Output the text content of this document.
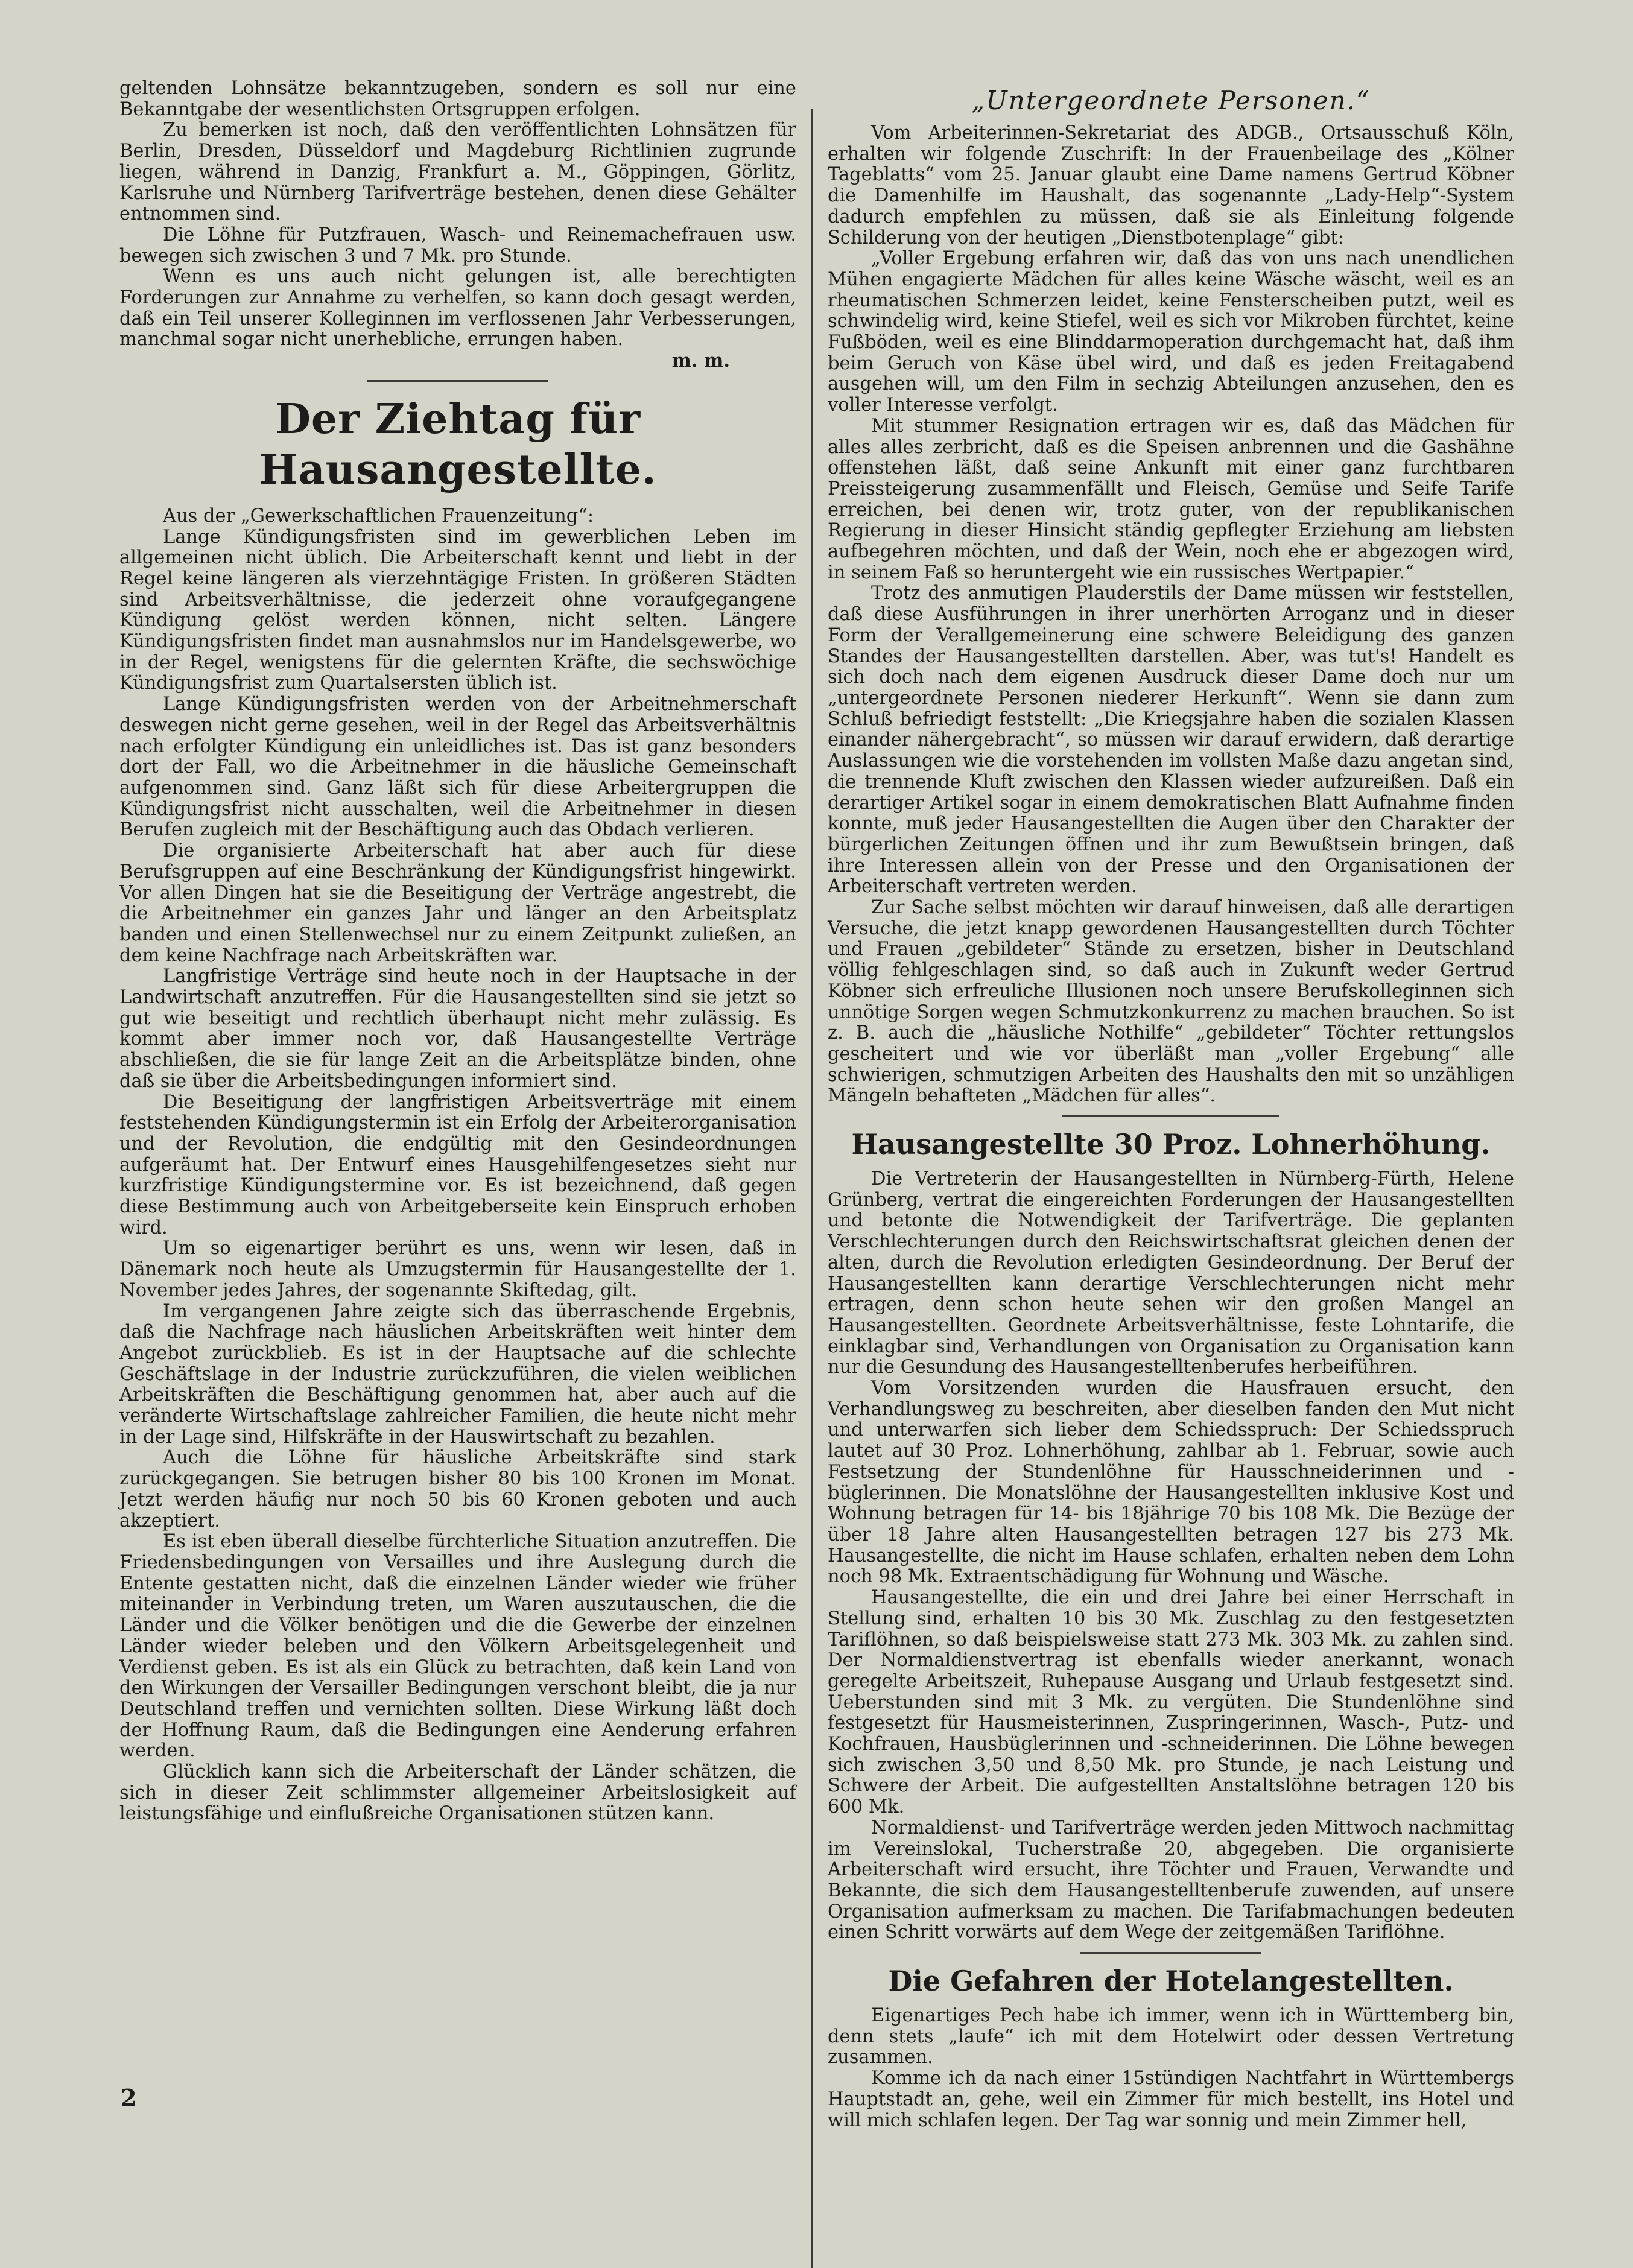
geltenden Lohnsätze bekanntzugeben, sondern es soll nur eine Bekanntgabe der wesentlichsten Ortsgruppen erfolgen.

Zu bemerken ist noch, daß den veröffentlichten Lohnsätzen für Berlin, Dresden, Düsseldorf und Magdeburg Richtlinien zugrunde liegen, während in Danzig, Frankfurt a. M., Göppingen, Görlitz, Karlsruhe und Nürnberg Tarifverträge bestehen, denen diese Gehälter entnommen sind.

Die Löhne für Putzfrauen, Wasch- und Reinemachefrauen usw. bewegen sich zwischen 3 und 7 Mk. pro Stunde.

Wenn es uns auch nicht gelungen ist, alle berechtigten Forderungen zur Annahme zu verhelfen, so kann doch gesagt werden, daß ein Teil unserer Kolleginnen im verflossenen Jahr Verbesserungen, manchmal sogar nicht unerhebliche, errungen haben.

m. m.

Der Ziehtag für Hausangestellte.

Aus der „Gewerkschaftlichen Frauenzeitung“:

Lange Kündigungsfristen sind im gewerblichen Leben im allgemeinen nicht üblich. Die Arbeiterschaft kennt und liebt in der Regel keine längeren als vierzehntägige Fristen. In größeren Städten sind Arbeitsverhältnisse, die jederzeit ohne voraufgegangene Kündigung gelöst werden können, nicht selten. Längere Kündigungsfristen findet man ausnahmslos nur im Handelsgewerbe, wo in der Regel, wenigstens für die gelernten Kräfte, die sechswöchige Kündigungsfrist zum Quartalsersten üblich ist.

Lange Kündigungsfristen werden von der Arbeitnehmerschaft deswegen nicht gerne gesehen, weil in der Regel das Arbeitsverhältnis nach erfolgter Kündigung ein unleidliches ist. Das ist ganz besonders dort der Fall, wo die Arbeitnehmer in die häusliche Gemeinschaft aufgenommen sind. Ganz läßt sich für diese Arbeitergruppen die Kündigungsfrist nicht ausschalten, weil die Arbeitnehmer in diesen Berufen zugleich mit der Beschäftigung auch das Obdach verlieren.

Die organisierte Arbeiterschaft hat aber auch für diese Berufsgruppen auf eine Beschränkung der Kündigungsfrist hingewirkt. Vor allen Dingen hat sie die Beseitigung der Verträge angestrebt, die die Arbeitnehmer ein ganzes Jahr und länger an den Arbeitsplatz banden und einen Stellenwechsel nur zu einem Zeitpunkt zuließen, an dem keine Nachfrage nach Arbeitskräften war.

Langfristige Verträge sind heute noch in der Hauptsache in der Landwirtschaft anzutreffen. Für die Hausangestellten sind sie jetzt so gut wie beseitigt und rechtlich überhaupt nicht mehr zulässig. Es kommt aber immer noch vor, daß Hausangestellte Verträge abschließen, die sie für lange Zeit an die Arbeitsplätze binden, ohne daß sie über die Arbeitsbedingungen informiert sind.

Die Beseitigung der langfristigen Arbeitsverträge mit einem feststehenden Kündigungstermin ist ein Erfolg der Arbeiterorganisation und der Revolution, die endgültig mit den Gesindeordnungen aufgeräumt hat. Der Entwurf eines Hausgehilfengesetzes sieht nur kurzfristige Kündigungstermine vor. Es ist bezeichnend, daß gegen diese Bestimmung auch von Arbeitgeberseite kein Einspruch erhoben wird.

Um so eigenartiger berührt es uns, wenn wir lesen, daß in Dänemark noch heute als Umzugstermin für Hausangestellte der 1. November jedes Jahres, der sogenannte Skiftedag, gilt.

Im vergangenen Jahre zeigte sich das überraschende Ergebnis, daß die Nachfrage nach häuslichen Arbeitskräften weit hinter dem Angebot zurückblieb. Es ist in der Hauptsache auf die schlechte Geschäftslage in der Industrie zurückzuführen, die vielen weiblichen Arbeitskräften die Beschäftigung genommen hat, aber auch auf die veränderte Wirtschaftslage zahlreicher Familien, die heute nicht mehr in der Lage sind, Hilfskräfte in der Hauswirtschaft zu bezahlen.

Auch die Löhne für häusliche Arbeitskräfte sind stark zurückgegangen. Sie betrugen bisher 80 bis 100 Kronen im Monat. Jetzt werden häufig nur noch 50 bis 60 Kronen geboten und auch akzeptiert.

Es ist eben überall dieselbe fürchterliche Situation anzutreffen. Die Friedensbedingungen von Versailles und ihre Auslegung durch die Entente gestatten nicht, daß die einzelnen Länder wieder wie früher miteinander in Verbindung treten, um Waren auszutauschen, die die Länder und die Völker benötigen und die die Gewerbe der einzelnen Länder wieder beleben und den Völkern Arbeitsgelegenheit und Verdienst geben. Es ist als ein Glück zu betrachten, daß kein Land von den Wirkungen der Versailler Bedingungen verschont bleibt, die ja nur Deutschland treffen und vernichten sollten. Diese Wirkung läßt doch der Hoffnung Raum, daß die Bedingungen eine Aenderung erfahren werden.

Glücklich kann sich die Arbeiterschaft der Länder schätzen, die sich in dieser Zeit schlimmster allgemeiner Arbeitslosigkeit auf leistungsfähige und einflußreiche Organisationen stützen kann.

„Untergeordnete Personen.“

Vom Arbeiterinnen-Sekretariat des ADGB., Ortsausschuß Köln, erhalten wir folgende Zuschrift: In der Frauenbeilage des „Kölner Tageblatts“ vom 25. Januar glaubt eine Dame namens Gertrud Köbner die Damenhilfe im Haushalt, das sogenannte „Lady-Help“-System dadurch empfehlen zu müssen, daß sie als Einleitung folgende Schilderung von der heutigen „Dienstbotenplage“ gibt:

„Voller Ergebung erfahren wir, daß das von uns nach unendlichen Mühen engagierte Mädchen für alles keine Wäsche wäscht, weil es an rheumatischen Schmerzen leidet, keine Fensterscheiben putzt, weil es schwindelig wird, keine Stiefel, weil es sich vor Mikroben fürchtet, keine Fußböden, weil es eine Blinddarmoperation durchgemacht hat, daß ihm beim Geruch von Käse übel wird, und daß es jeden Freitagabend ausgehen will, um den Film in sechzig Abteilungen anzusehen, den es voller Interesse verfolgt.

Mit stummer Resignation ertragen wir es, daß das Mädchen für alles alles zerbricht, daß es die Speisen anbrennen und die Gashähne offenstehen läßt, daß seine Ankunft mit einer ganz furchtbaren Preissteigerung zusammenfällt und Fleisch, Gemüse und Seife Tarife erreichen, bei denen wir, trotz guter, von der republikanischen Regierung in dieser Hinsicht ständig gepflegter Erziehung am liebsten aufbegehren möchten, und daß der Wein, noch ehe er abgezogen wird, in seinem Faß so heruntergeht wie ein russisches Wertpapier.“

Trotz des anmutigen Plauderstils der Dame müssen wir feststellen, daß diese Ausführungen in ihrer unerhörten Arroganz und in dieser Form der Verallgemeinerung eine schwere Beleidigung des ganzen Standes der Hausangestellten darstellen. Aber, was tut's! Handelt es sich doch nach dem eigenen Ausdruck dieser Dame doch nur um „untergeordnete Personen niederer Herkunft“. Wenn sie dann zum Schluß befriedigt feststellt: „Die Kriegsjahre haben die sozialen Klassen einander nähergebracht“, so müssen wir darauf erwidern, daß derartige Auslassungen wie die vorstehenden im vollsten Maße dazu angetan sind, die trennende Kluft zwischen den Klassen wieder aufzureißen. Daß ein derartiger Artikel sogar in einem demokratischen Blatt Aufnahme finden konnte, muß jeder Hausangestellten die Augen über den Charakter der bürgerlichen Zeitungen öffnen und ihr zum Bewußtsein bringen, daß ihre Interessen allein von der Presse und den Organisationen der Arbeiterschaft vertreten werden.

Zur Sache selbst möchten wir darauf hinweisen, daß alle derartigen Versuche, die jetzt knapp gewordenen Hausangestellten durch Töchter und Frauen „gebildeter“ Stände zu ersetzen, bisher in Deutschland völlig fehlgeschlagen sind, so daß auch in Zukunft weder Gertrud Köbner sich erfreuliche Illusionen noch unsere Berufskolleginnen sich unnötige Sorgen wegen Schmutzkonkurrenz zu machen brauchen. So ist z. B. auch die „häusliche Nothilfe“ „gebildeter“ Töchter rettungslos gescheitert und wie vor überläßt man „voller Ergebung“ alle schwierigen, schmutzigen Arbeiten des Haushalts den mit so unzähligen Mängeln behafteten „Mädchen für alles“.

Hausangestellte 30 Proz. Lohnerhöhung.

Die Vertreterin der Hausangestellten in Nürnberg-Fürth, Helene Grünberg, vertrat die eingereichten Forderungen der Hausangestellten und betonte die Notwendigkeit der Tarifverträge. Die geplanten Verschlechterungen durch den Reichswirtschaftsrat gleichen denen der alten, durch die Revolution erledigten Gesindeordnung. Der Beruf der Hausangestellten kann derartige Verschlechterungen nicht mehr ertragen, denn schon heute sehen wir den großen Mangel an Hausangestellten. Geordnete Arbeitsverhältnisse, feste Lohntarife, die einklagbar sind, Verhandlungen von Organisation zu Organisation kann nur die Gesundung des Hausangestelltenberufes herbeiführen.

Vom Vorsitzenden wurden die Hausfrauen ersucht, den Verhandlungsweg zu beschreiten, aber dieselben fanden den Mut nicht und unterwarfen sich lieber dem Schiedsspruch: Der Schiedsspruch lautet auf 30 Proz. Lohnerhöhung, zahlbar ab 1. Februar, sowie auch Festsetzung der Stundenlöhne für Hausschneiderinnen und -büglerinnen. Die Monatslöhne der Hausangestellten inklusive Kost und Wohnung betragen für 14- bis 18jährige 70 bis 108 Mk. Die Bezüge der über 18 Jahre alten Hausangestellten betragen 127 bis 273 Mk. Hausangestellte, die nicht im Hause schlafen, erhalten neben dem Lohn noch 98 Mk. Extraentschädigung für Wohnung und Wäsche.

Hausangestellte, die ein und drei Jahre bei einer Herrschaft in Stellung sind, erhalten 10 bis 30 Mk. Zuschlag zu den festgesetzten Tariflöhnen, so daß beispielsweise statt 273 Mk. 303 Mk. zu zahlen sind. Der Normaldienstvertrag ist ebenfalls wieder anerkannt, wonach geregelte Arbeitszeit, Ruhepause Ausgang und Urlaub festgesetzt sind. Ueberstunden sind mit 3 Mk. zu vergüten. Die Stundenlöhne sind festgesetzt für Hausmeisterinnen, Zuspringerinnen, Wasch-, Putz- und Kochfrauen, Hausbüglerinnen und -schneiderinnen. Die Löhne bewegen sich zwischen 3,50 und 8,50 Mk. pro Stunde, je nach Leistung und Schwere der Arbeit. Die aufgestellten Anstaltslöhne betragen 120 bis 600 Mk.

Normaldienst- und Tarifverträge werden jeden Mittwoch nachmittag im Vereinslokal, Tucherstraße 20, abgegeben. Die organisierte Arbeiterschaft wird ersucht, ihre Töchter und Frauen, Verwandte und Bekannte, die sich dem Hausangestelltenberufe zuwenden, auf unsere Organisation aufmerksam zu machen. Die Tarifabmachungen bedeuten einen Schritt vorwärts auf dem Wege der zeitgemäßen Tariflöhne.

Die Gefahren der Hotelangestellten.

Eigenartiges Pech habe ich immer, wenn ich in Württemberg bin, denn stets „laufe“ ich mit dem Hotelwirt oder dessen Vertretung zusammen.

Komme ich da nach einer 15stündigen Nachtfahrt in Württembergs Hauptstadt an, gehe, weil ein Zimmer für mich bestellt, ins Hotel und will mich schlafen legen. Der Tag war sonnig und mein Zimmer hell,

2
